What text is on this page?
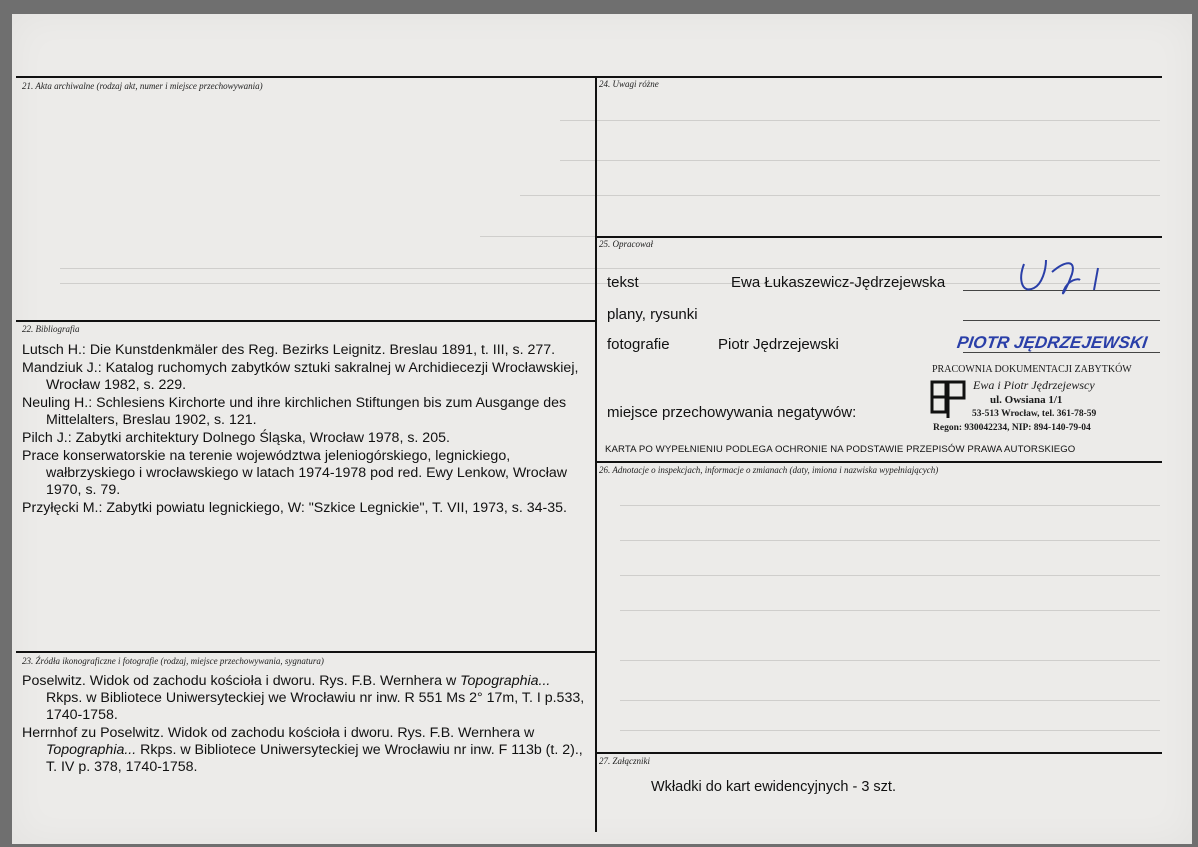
21. Akta archiwalne (rodzaj akt, numer i miejsce przechowywania)	24. Uwagi różne
25. Opracował
tekst	Ewa Łukaszewicz-Jędrzejewska
plany, rysunki
fotografie	Piotr Jędrzejewski	PIOTR JĘDRZEJEWSKI
miejsce przechowywania negatywów:
PRACOWNIA DOKUMENTACJI ZABYTKÓW
Ewa i Piotr Jędrzejewscy
ul. Owsiana 1/1
53-513 Wrocław, tel. 361-78-59
Regon: 930042234, NIP: 894-140-79-04
KARTA PO WYPEŁNIENIU PODLEGA OCHRONIE NA PODSTAWIE PRZEPISÓW PRAWA AUTORSKIEGO
22. Bibliografia

Lutsch H.: Die Kunstdenkmäler des Reg. Bezirks Leignitz. Breslau 1891, t. III, s. 277.

Mandziuk J.: Katalog ruchomych zabytków sztuki sakralnej w Archidiecezji Wrocławskiej, Wrocław 1982, s. 229.

Neuling H.: Schlesiens Kirchorte und ihre kirchlichen Stiftungen bis zum Ausgange des Mittelalters, Breslau 1902, s. 121.

Pilch J.: Zabytki architektury Dolnego Śląska, Wrocław 1978, s. 205.

Prace konserwatorskie na terenie województwa jeleniogórskiego, legnickiego, wałbrzyskiego i wrocławskiego w latach 1974-1978 pod red. Ewy Lenkow, Wrocław 1970, s. 79.

Przyłęcki M.: Zabytki powiatu legnickiego, W: "Szkice Legnickie", T. VII, 1973, s. 34-35.

26. Adnotacje o inspekcjach, informacje o zmianach (daty, imiona i nazwiska wypełniających)
23. Źródła ikonograficzne i fotografie (rodzaj, miejsce przechowywania, sygnatura)

Poselwitz. Widok od zachodu kościoła i dworu. Rys. F.B. Wernhera w Topographia... Rkps. w Bibliotece Uniwersyteckiej we Wrocławiu nr inw. R 551 Ms 2° 17m, T. I p.533, 1740-1758.

Herrnhof zu Poselwitz. Widok od zachodu kościoła i dworu. Rys. F.B. Wernhera w Topographia... Rkps. w Bibliotece Uniwersyteckiej we Wrocławiu nr inw. F 113b (t. 2)., T. IV p. 378, 1740-1758.	27. Załączniki
Wkładki do kart ewidencyjnych - 3 szt.
